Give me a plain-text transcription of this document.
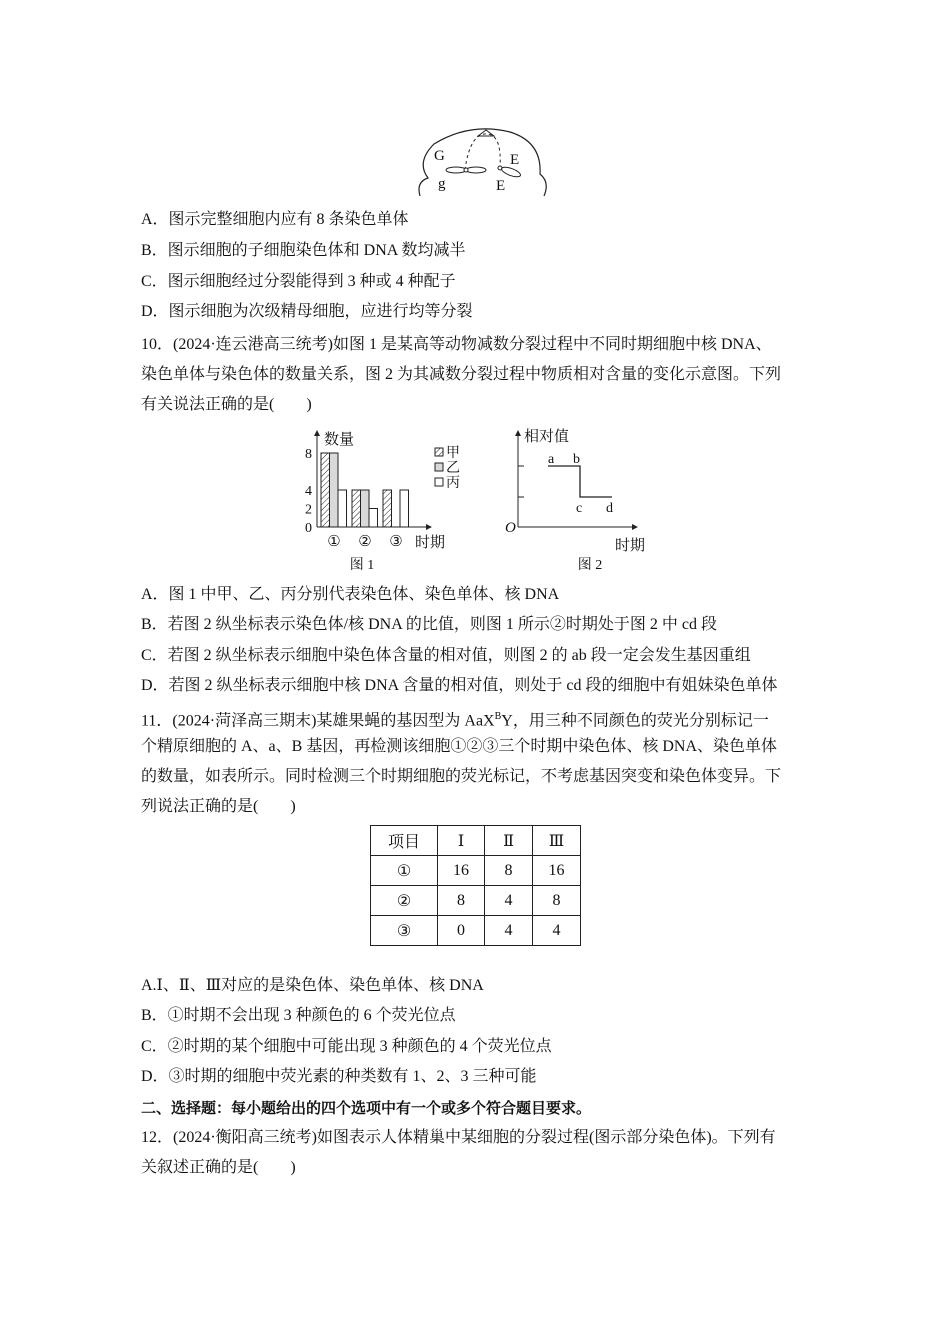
G
g
E
E
A．图示完整细胞内应有 8 条染色单体
B．图示细胞的子细胞染色体和 DNA 数均减半
C．图示细胞经过分裂能得到 3 种或 4 种配子
D．图示细胞为次级精母细胞，应进行均等分裂
10．(2024·连云港高三统考)如图 1 是某高等动物减数分裂过程中不同时期细胞中核 DNA、
染色单体与染色体的数量关系，图 2 为其减数分裂过程中物质相对含量的变化示意图。下列
有关说法正确的是(　　)
数量
时期
图 1
0
2
4
8
① ② ③
甲
乙
丙
相对值
时期
O
a b
c d
图 2
A．图 1 中甲、乙、丙分别代表染色体、染色单体、核 DNA
B．若图 2 纵坐标表示染色体/核 DNA 的比值，则图 1 所示②时期处于图 2 中 cd 段
C．若图 2 纵坐标表示细胞中染色体含量的相对值，则图 2 的 ab 段一定会发生基因重组
D．若图 2 纵坐标表示细胞中核 DNA 含量的相对值，则处于 cd 段的细胞中有姐妹染色单体
11．(2024·菏泽高三期末)某雄果蝇的基因型为 AaX$^B$Y，用三种不同颜色的荧光分别标记一
个精原细胞的 A、a、B 基因，再检测该细胞①②③三个时期中染色体、核 DNA、染色单体
的数量，如表所示。同时检测三个时期细胞的荧光标记，不考虑基因突变和染色体变异。下
列说法正确的是(　　)
项目	Ⅰ	Ⅱ	Ⅲ
①	16	8	16
②	8	4	8
③	0	4	4
A.Ⅰ、Ⅱ、Ⅲ对应的是染色体、染色单体、核 DNA
B．①时期不会出现 3 种颜色的 6 个荧光位点
C．②时期的某个细胞中可能出现 3 种颜色的 4 个荧光位点
D．③时期的细胞中荧光素的种类数有 1、2、3 三种可能
二、选择题：每小题给出的四个选项中有一个或多个符合题目要求。
12．(2024·衡阳高三统考)如图表示人体精巢中某细胞的分裂过程(图示部分染色体)。下列有
关叙述正确的是(　　)
